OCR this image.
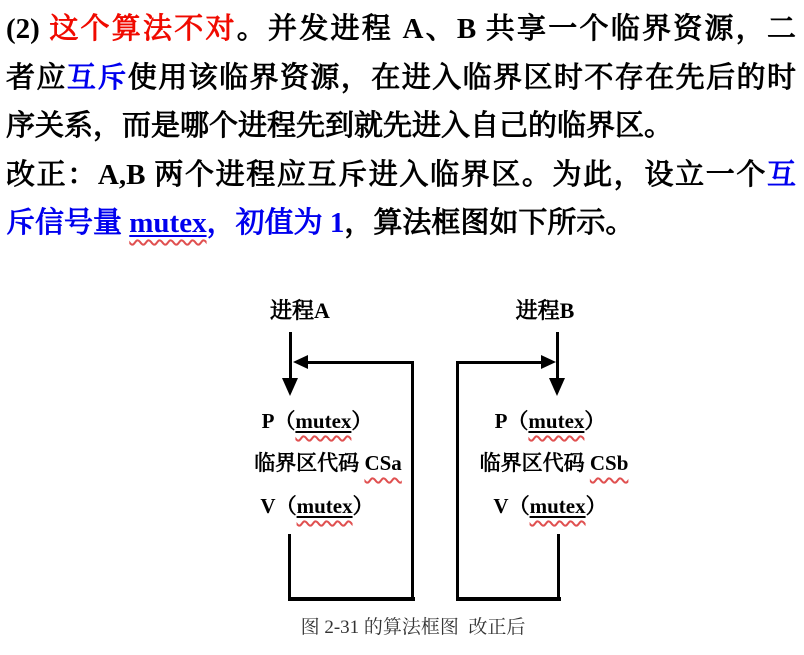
(2) 这个算法不对。并发进程 A、B 共享一个临界资源，二
者应互斥使用该临界资源，在进入临界区时不存在先后的时
序关系，而是哪个进程先到就先进入自己的临界区。
改正：A,B 两个进程应互斥进入临界区。为此，设立一个互
斥信号量 mutex，初值为 1，算法框图如下所示。
进程A	进程B
P（mutex）
临界区代码 CSa
V（mutex）
P（mutex）
临界区代码 CSb
V（mutex）
图 2-31 的算法框图  改正后
